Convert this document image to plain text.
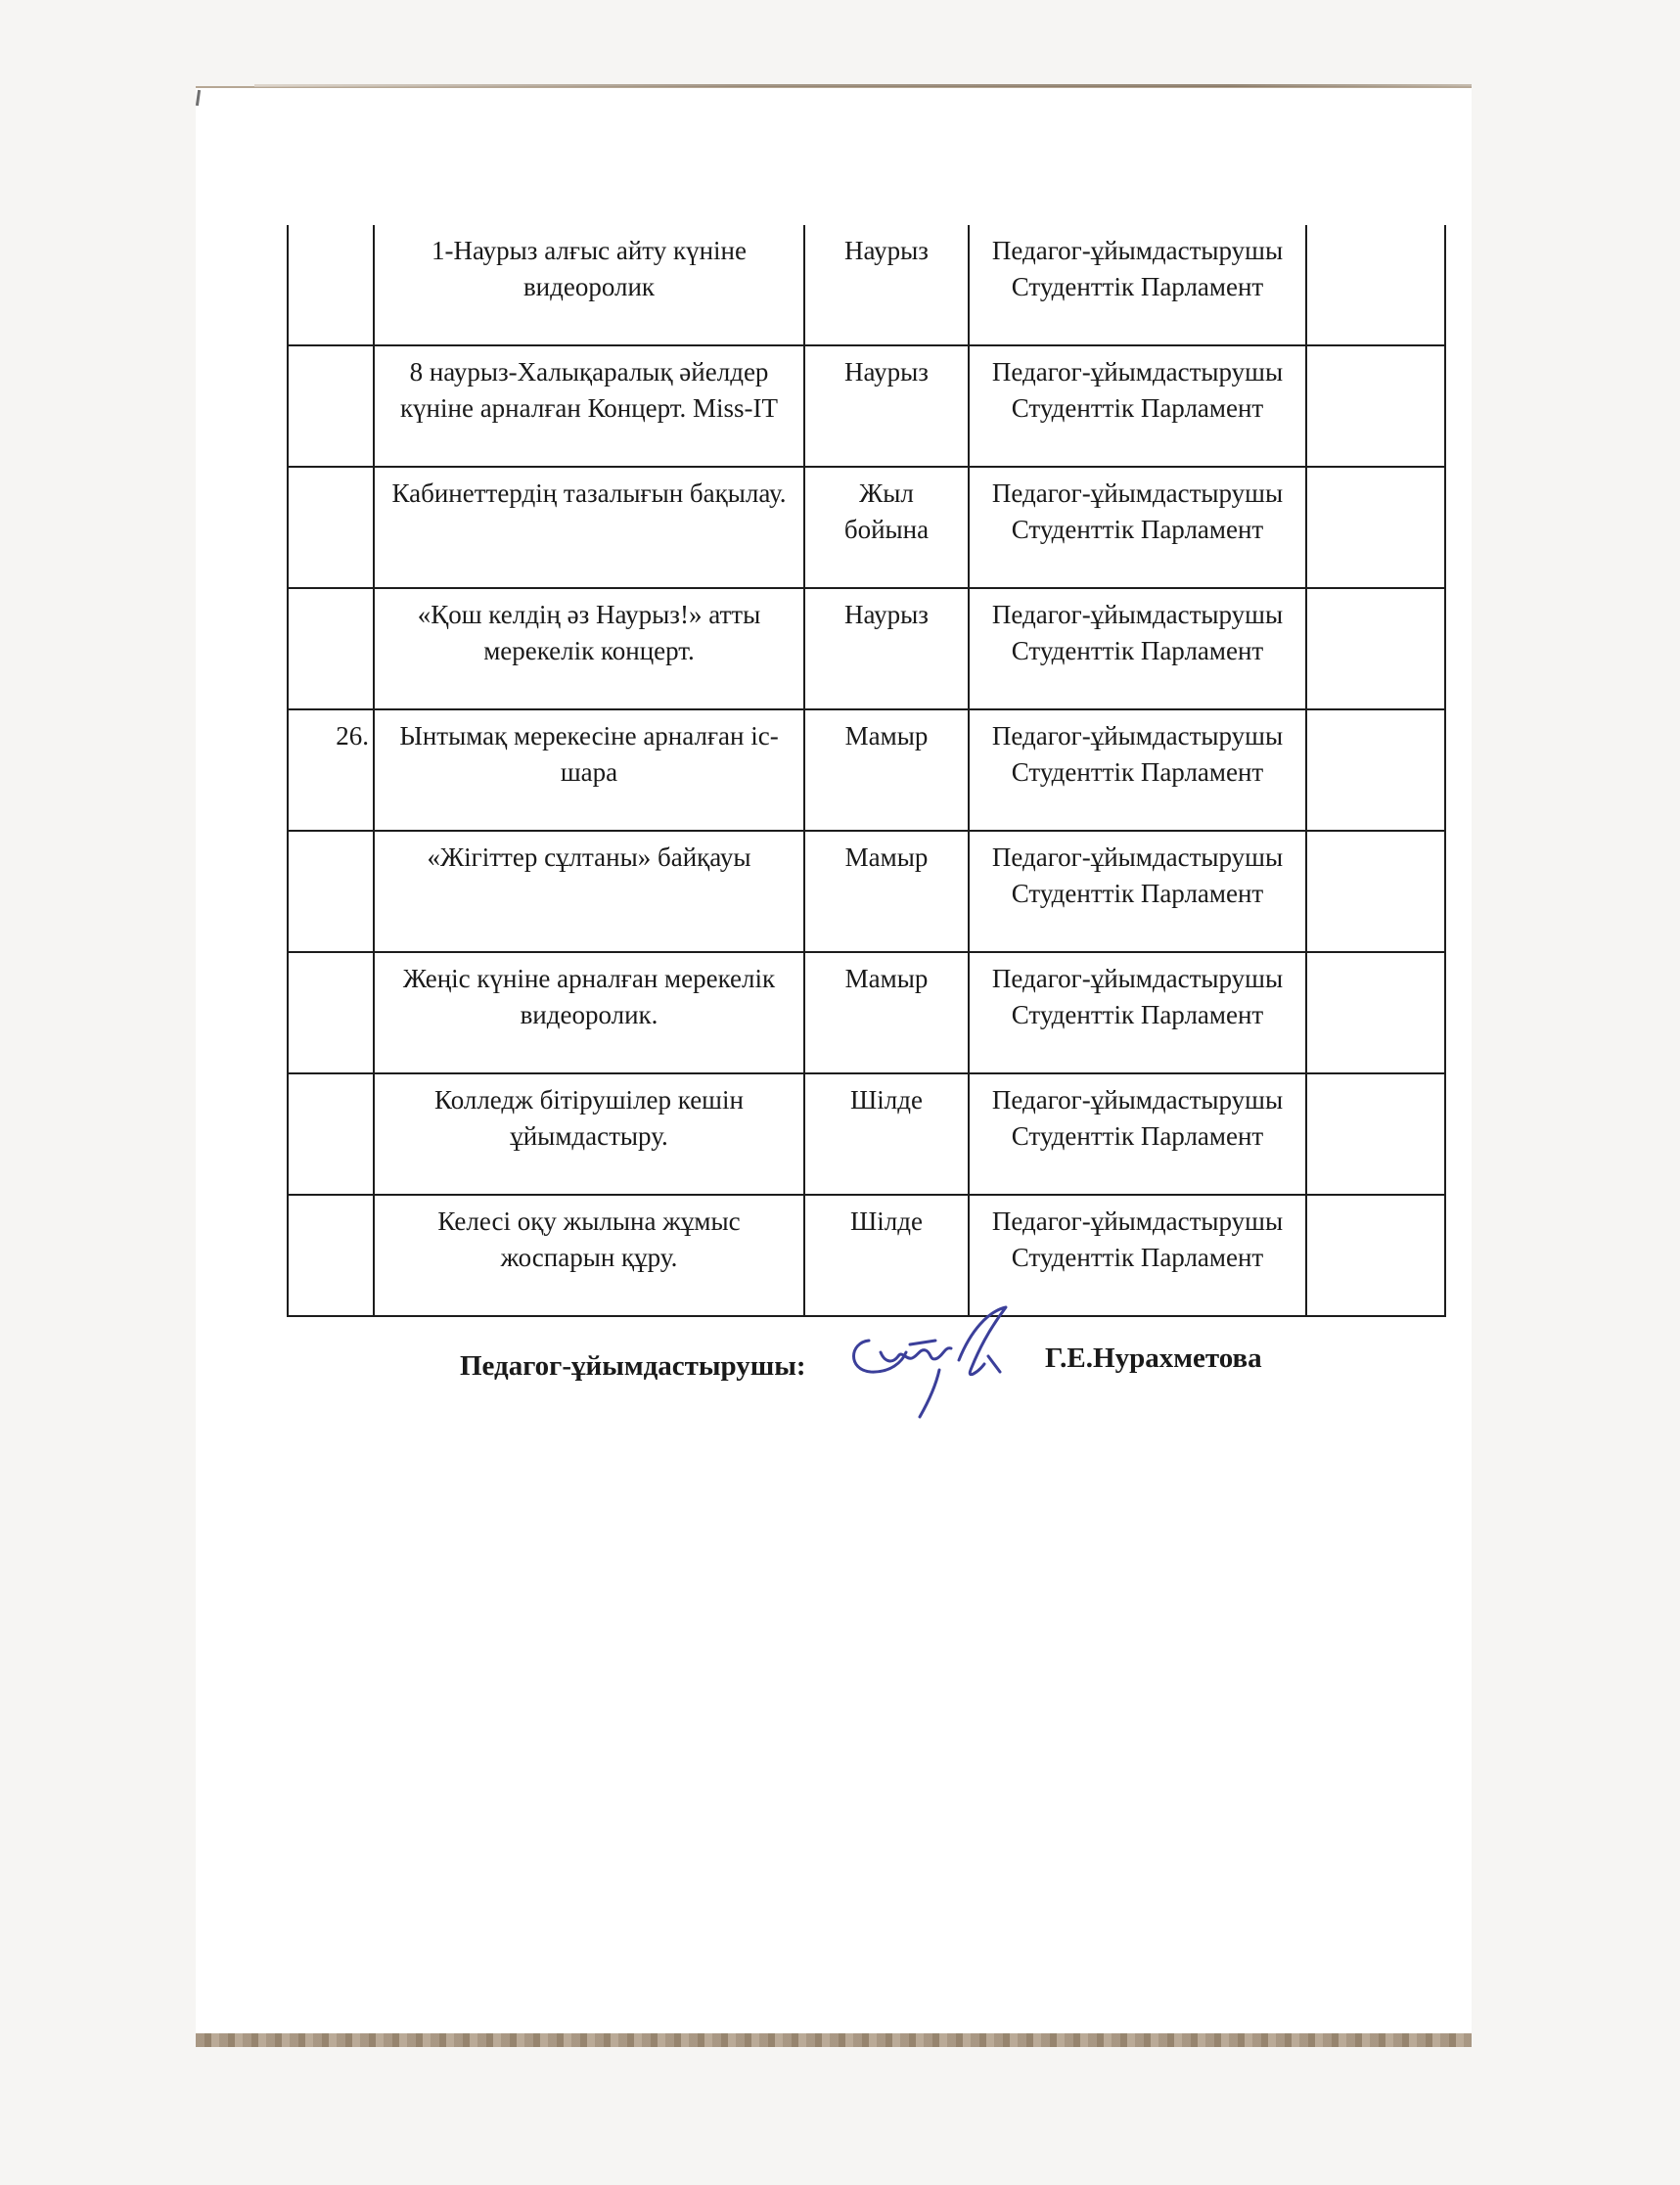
	1-Наурыз алғыс айту күніне видеоролик	Наурыз	Педагог-ұйымдастырушы
Студенттік Парламент	

	8 наурыз-Халықаралық әйелдер күніне арналған Концерт. Miss-IT	Наурыз	Педагог-ұйымдастырушы
Студенттік Парламент	

	Кабинеттердің тазалығын бақылау.	Жыл бойына	Педагог-ұйымдастырушы
Студенттік Парламент	

	«Қош келдің әз Наурыз!» атты мерекелік концерт.	Наурыз	Педагог-ұйымдастырушы
Студенттік Парламент	

26.	Ынтымақ мерекесіне арналған іс-шара	Мамыр	Педагог-ұйымдастырушы
Студенттік Парламент	

	«Жігіттер сұлтаны» байқауы	Мамыр	Педагог-ұйымдастырушы
Студенттік Парламент	

	Жеңіс күніне арналған мерекелік видеоролик.	Мамыр	Педагог-ұйымдастырушы
Студенттік Парламент	

	Колледж бітірушілер кешін ұйымдастыру.	Шілде	Педагог-ұйымдастырушы
Студенттік Парламент	

	Келесі оқу жылына жұмыс жоспарын құру.	Шілде	Педагог-ұйымдастырушы
Студенттік Парламент	

Педагог-ұйымдастырушы:	Г.Е.Нурахметова
